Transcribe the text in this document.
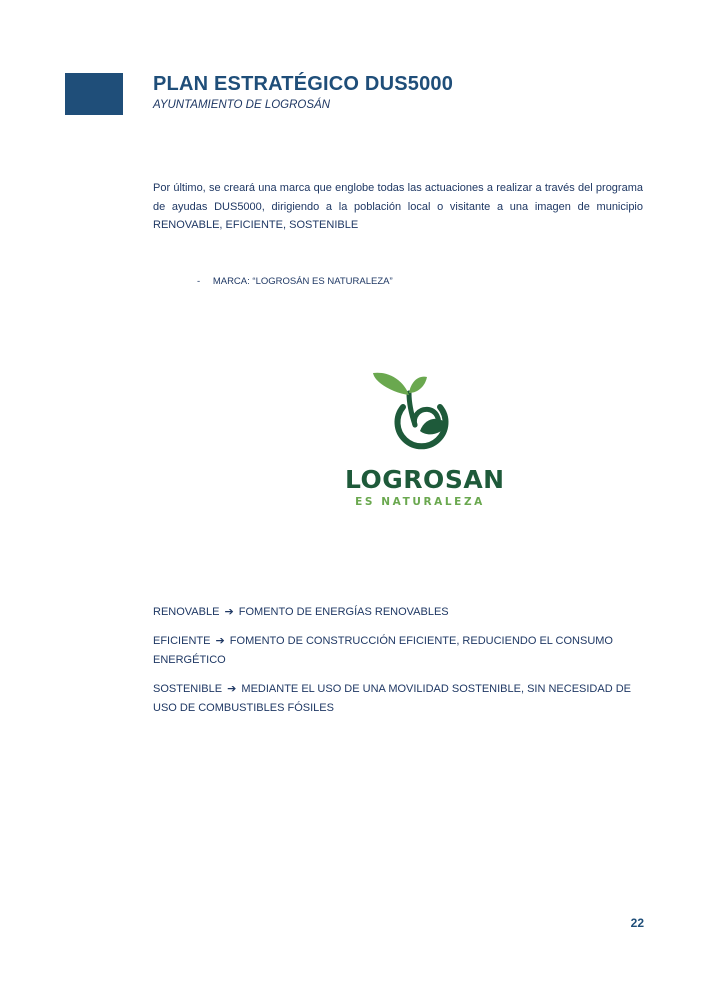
PLAN ESTRATÉGICO DUS5000
AYUNTAMIENTO DE LOGROSÁN
Por último, se creará una marca que englobe todas las actuaciones a realizar a través del programa de ayudas DUS5000, dirigiendo a la población local o visitante a una imagen de municipio RENOVABLE, EFICIENTE, SOSTENIBLE
- MARCA: “LOGROSÁN ES NATURALEZA”
LOGROSAN
ES NATURALEZA
RENOVABLE ➔ FOMENTO DE ENERGÍAS RENOVABLES
EFICIENTE ➔ FOMENTO DE CONSTRUCCIÓN EFICIENTE, REDUCIENDO EL CONSUMO ENERGÉTICO
SOSTENIBLE ➔ MEDIANTE EL USO DE UNA MOVILIDAD SOSTENIBLE, SIN NECESIDAD DE USO DE COMBUSTIBLES FÓSILES
22
